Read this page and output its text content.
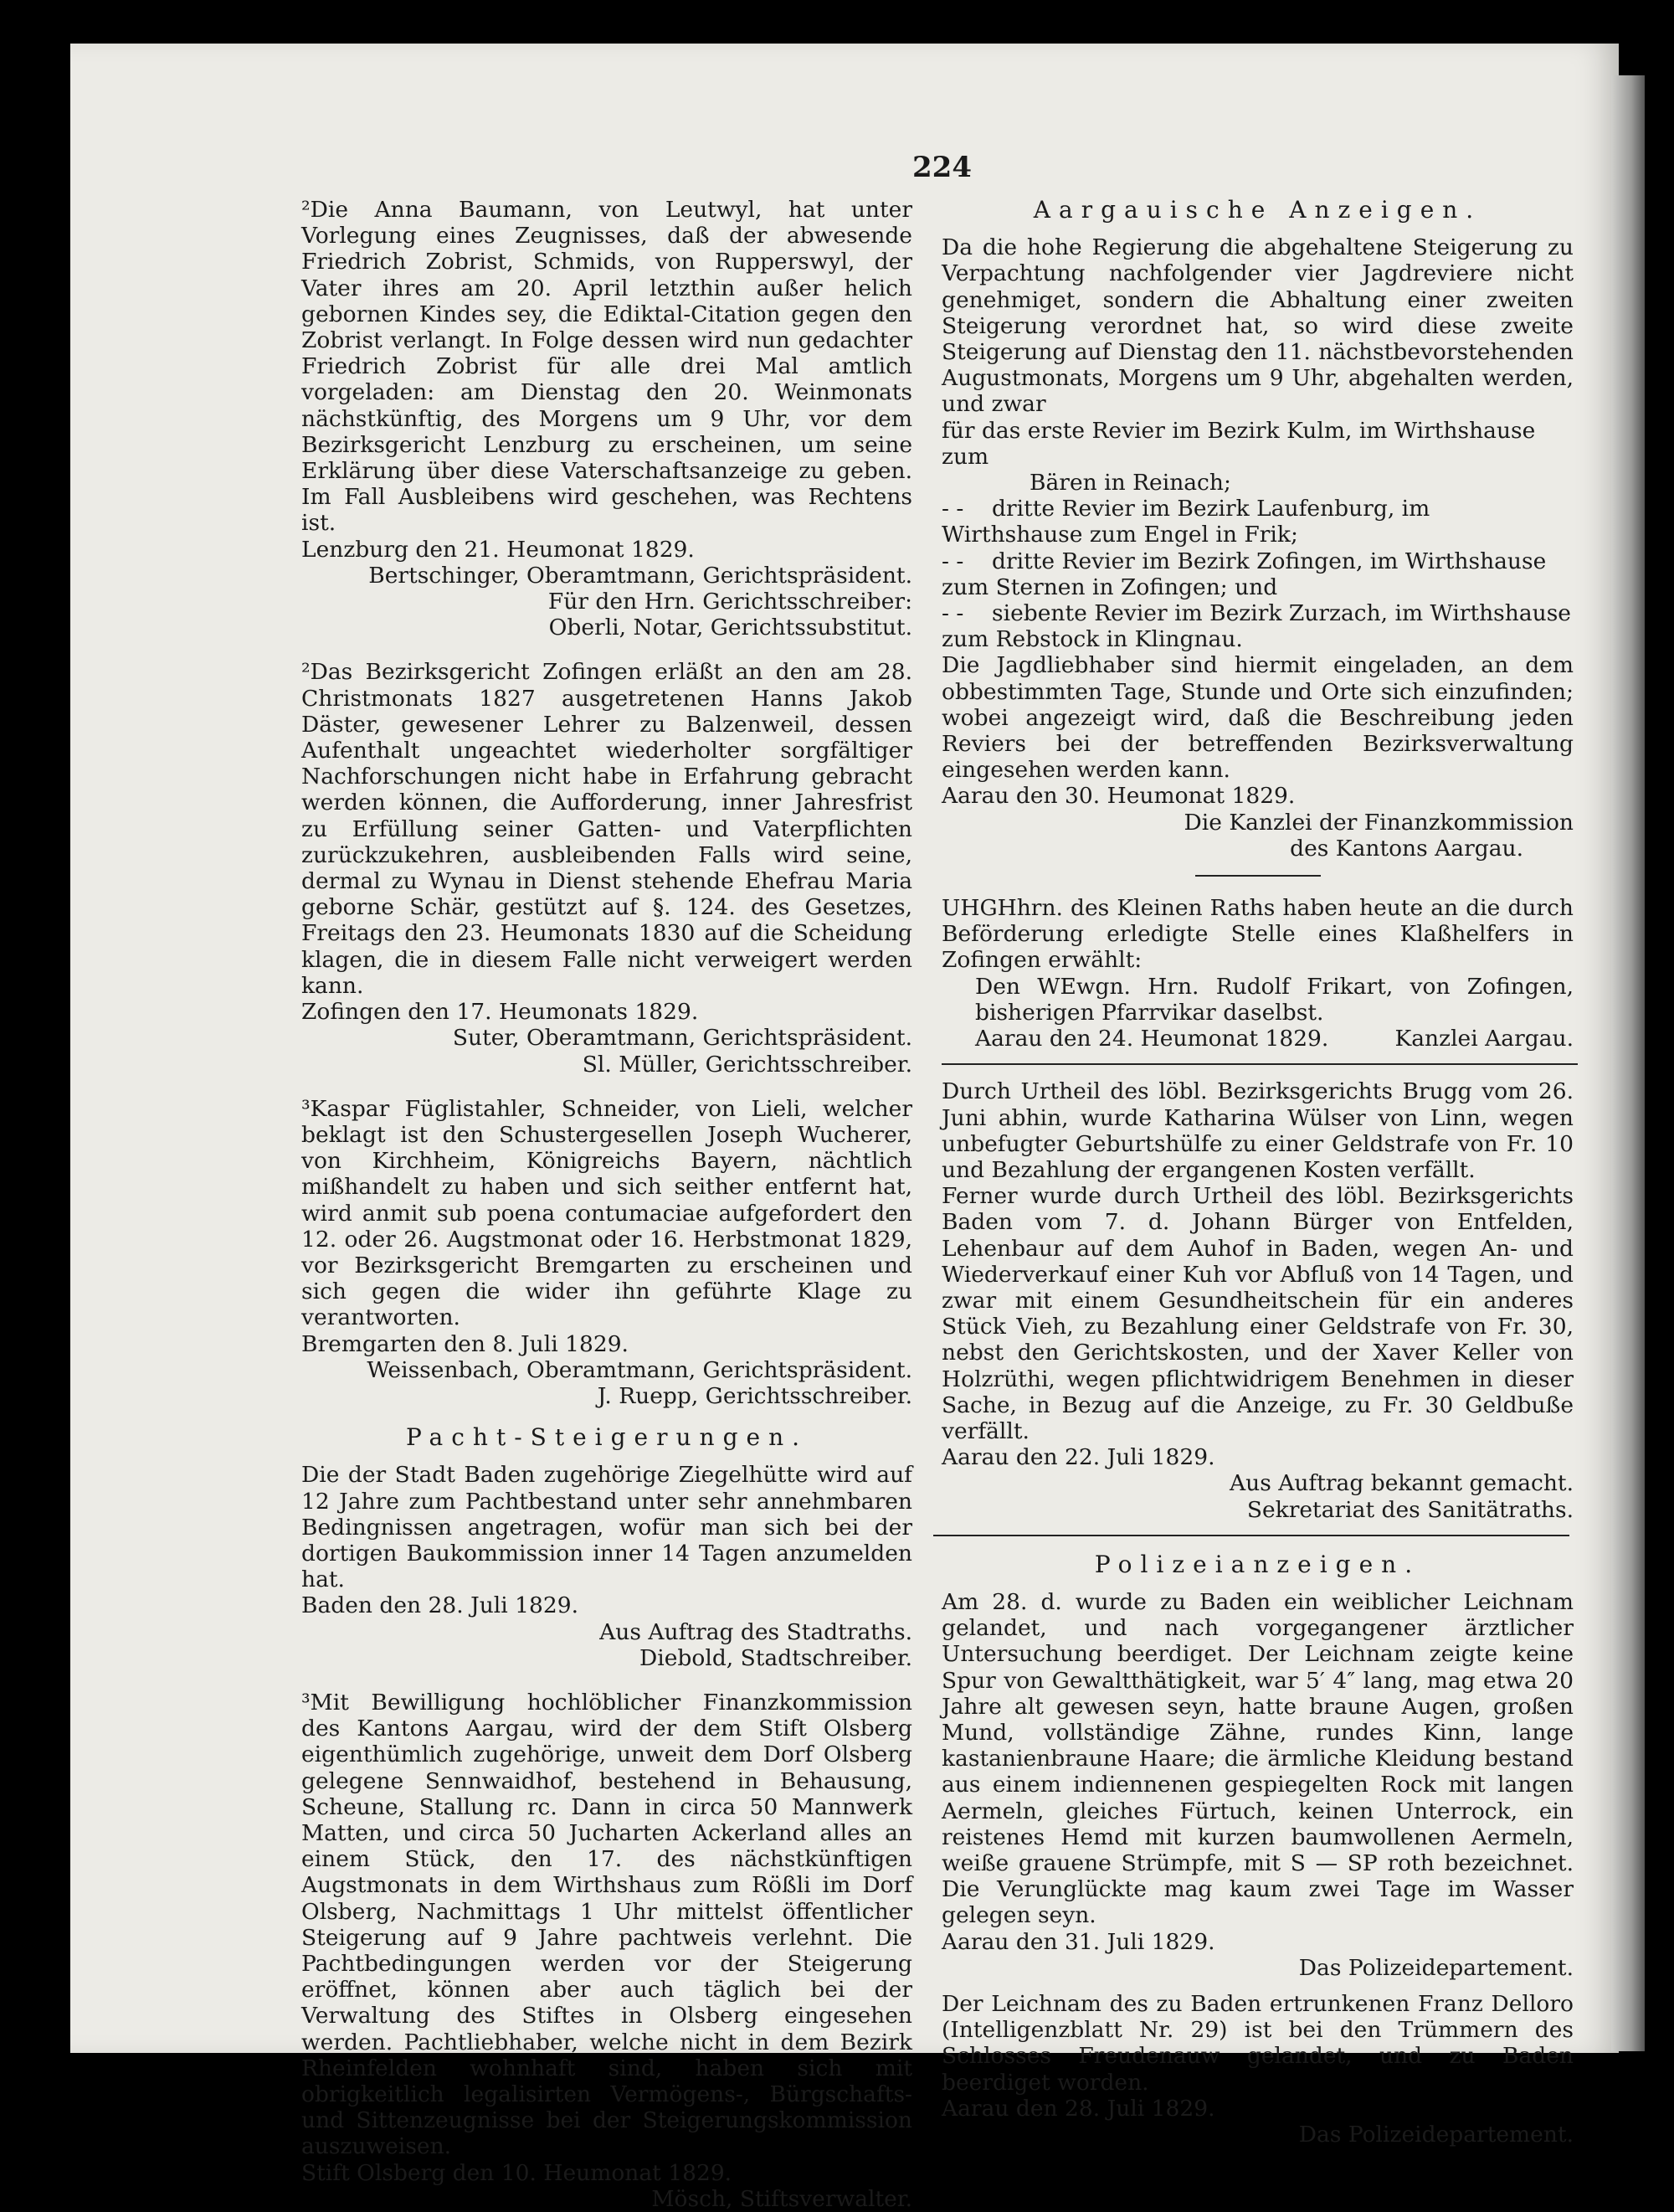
224

²Die Anna Baumann, von Leutwyl, hat unter Vorlegung eines Zeugnisses, daß der abwesende Friedrich Zobrist, Schmids, von Rupperswyl, der Vater ihres am 20. April letzthin außer helich gebornen Kindes sey, die Ediktal-Citation gegen den Zobrist verlangt. In Folge dessen wird nun gedachter Friedrich Zobrist für alle drei Mal amtlich vorgeladen: am Dienstag den 20. Weinmonats nächstkünftig, des Morgens um 9 Uhr, vor dem Bezirksgericht Lenzburg zu erscheinen, um seine Erklärung über diese Vaterschaftsanzeige zu geben. Im Fall Ausbleibens wird geschehen, was Rechtens ist.

Lenzburg den 21. Heumonat 1829.

Bertschinger, Oberamtmann, Gerichtspräsident.

Für den Hrn. Gerichtsschreiber:

Oberli, Notar, Gerichtssubstitut.

²Das Bezirksgericht Zofingen erläßt an den am 28. Christmonats 1827 ausgetretenen Hanns Jakob Däster, gewesener Lehrer zu Balzenweil, dessen Aufenthalt ungeachtet wiederholter sorgfältiger Nachforschungen nicht habe in Erfahrung gebracht werden können, die Aufforderung, inner Jahresfrist zu Erfüllung seiner Gatten- und Vaterpflichten zurückzukehren, ausbleibenden Falls wird seine, dermal zu Wynau in Dienst stehende Ehefrau Maria geborne Schär, gestützt auf §. 124. des Gesetzes, Freitags den 23. Heumonats 1830 auf die Scheidung klagen, die in diesem Falle nicht verweigert werden kann.

Zofingen den 17. Heumonats 1829.

Suter, Oberamtmann, Gerichtspräsident.

Sl. Müller, Gerichtsschreiber.

³Kaspar Füglistahler, Schneider, von Lieli, welcher beklagt ist den Schustergesellen Joseph Wucherer, von Kirchheim, Königreichs Bayern, nächtlich mißhandelt zu haben und sich seither entfernt hat, wird anmit sub poena contumaciae aufgefordert den 12. oder 26. Augstmonat oder 16. Herbstmonat 1829, vor Bezirksgericht Bremgarten zu erscheinen und sich gegen die wider ihn geführte Klage zu verantworten.

Bremgarten den 8. Juli 1829.

Weissenbach, Oberamtmann, Gerichtspräsident.

J. Ruepp, Gerichtsschreiber.

Pacht-Steigerungen.

Die der Stadt Baden zugehörige Ziegelhütte wird auf 12 Jahre zum Pachtbestand unter sehr annehmbaren Bedingnissen angetragen, wofür man sich bei der dortigen Baukommission inner 14 Tagen anzumelden hat.

Baden den 28. Juli 1829.

Aus Auftrag des Stadtraths.

Diebold, Stadtschreiber.

³Mit Bewilligung hochlöblicher Finanzkommission des Kantons Aargau, wird der dem Stift Olsberg eigenthümlich zugehörige, unweit dem Dorf Olsberg gelegene Sennwaidhof, bestehend in Behausung, Scheune, Stallung rc. Dann in circa 50 Mannwerk Matten, und circa 50 Jucharten Ackerland alles an einem Stück, den 17. des nächstkünftigen Augstmonats in dem Wirthshaus zum Rößli im Dorf Olsberg, Nachmittags 1 Uhr mittelst öffentlicher Steigerung auf 9 Jahre pachtweis verlehnt. Die Pachtbedingungen werden vor der Steigerung eröffnet, können aber auch täglich bei der Verwaltung des Stiftes in Olsberg eingesehen werden. Pachtliebhaber, welche nicht in dem Bezirk Rheinfelden wohnhaft sind, haben sich mit obrigkeitlich legalisirten Vermögens-, Bürgschafts- und Sittenzeugnisse bei der Steigerungskommission auszuweisen.

Stift Olsberg den 10. Heumonat 1829.

Mösch, Stiftsverwalter.

Aargauische Anzeigen.

Da die hohe Regierung die abgehaltene Steigerung zu Verpachtung nachfolgender vier Jagdreviere nicht genehmiget, sondern die Abhaltung einer zweiten Steigerung verordnet hat, so wird diese zweite Steigerung auf Dienstag den 11. nächstbevorstehenden Augustmonats, Morgens um 9 Uhr, abgehalten werden, und zwar

für das erste Revier im Bezirk Kulm, im Wirthshause zum

Bären in Reinach;

- - dritte Revier im Bezirk Laufenburg, im Wirthshause zum Engel in Frik;

- - dritte Revier im Bezirk Zofingen, im Wirthshause zum Sternen in Zofingen; und

- - siebente Revier im Bezirk Zurzach, im Wirthshause zum Rebstock in Klingnau.

Die Jagdliebhaber sind hiermit eingeladen, an dem obbestimmten Tage, Stunde und Orte sich einzufinden; wobei angezeigt wird, daß die Beschreibung jeden Reviers bei der betreffenden Bezirksverwaltung eingesehen werden kann.

Aarau den 30. Heumonat 1829.

Die Kanzlei der Finanzkommission

des Kantons Aargau.

UHGHhrn. des Kleinen Raths haben heute an die durch Beförderung erledigte Stelle eines Klaßhelfers in Zofingen erwählt:

Den WEwgn. Hrn. Rudolf Frikart, von Zofingen, bisherigen Pfarrvikar daselbst.

Aarau den 24. Heumonat 1829.	Kanzlei Aargau.

Durch Urtheil des löbl. Bezirksgerichts Brugg vom 26. Juni abhin, wurde Katharina Wülser von Linn, wegen unbefugter Geburtshülfe zu einer Geldstrafe von Fr. 10 und Bezahlung der ergangenen Kosten verfällt.

Ferner wurde durch Urtheil des löbl. Bezirksgerichts Baden vom 7. d. Johann Bürger von Entfelden, Lehenbaur auf dem Auhof in Baden, wegen An- und Wiederverkauf einer Kuh vor Abfluß von 14 Tagen, und zwar mit einem Gesundheitschein für ein anderes Stück Vieh, zu Bezahlung einer Geldstrafe von Fr. 30, nebst den Gerichtskosten, und der Xaver Keller von Holzrüthi, wegen pflichtwidrigem Benehmen in dieser Sache, in Bezug auf die Anzeige, zu Fr. 30 Geldbuße verfällt.

Aarau den 22. Juli 1829.

Aus Auftrag bekannt gemacht.

Sekretariat des Sanitätraths.

Polizeianzeigen.

Am 28. d. wurde zu Baden ein weiblicher Leichnam gelandet, und nach vorgegangener ärztlicher Untersuchung beerdiget. Der Leichnam zeigte keine Spur von Gewaltthätigkeit, war 5′ 4″ lang, mag etwa 20 Jahre alt gewesen seyn, hatte braune Augen, großen Mund, vollständige Zähne, rundes Kinn, lange kastanienbraune Haare; die ärmliche Kleidung bestand aus einem indiennenen gespiegelten Rock mit langen Aermeln, gleiches Fürtuch, keinen Unterrock, ein reistenes Hemd mit kurzen baumwollenen Aermeln, weiße grauene Strümpfe, mit S — SP roth bezeichnet. Die Verunglückte mag kaum zwei Tage im Wasser gelegen seyn.

Aarau den 31. Juli 1829.

Das Polizeidepartement.

Der Leichnam des zu Baden ertrunkenen Franz Delloro (Intelligenzblatt Nr. 29) ist bei den Trümmern des Schlosses Freudenauw gelandet, und zu Baden beerdiget worden.

Aarau den 28. Juli 1829.

Das Polizeidepartement.
